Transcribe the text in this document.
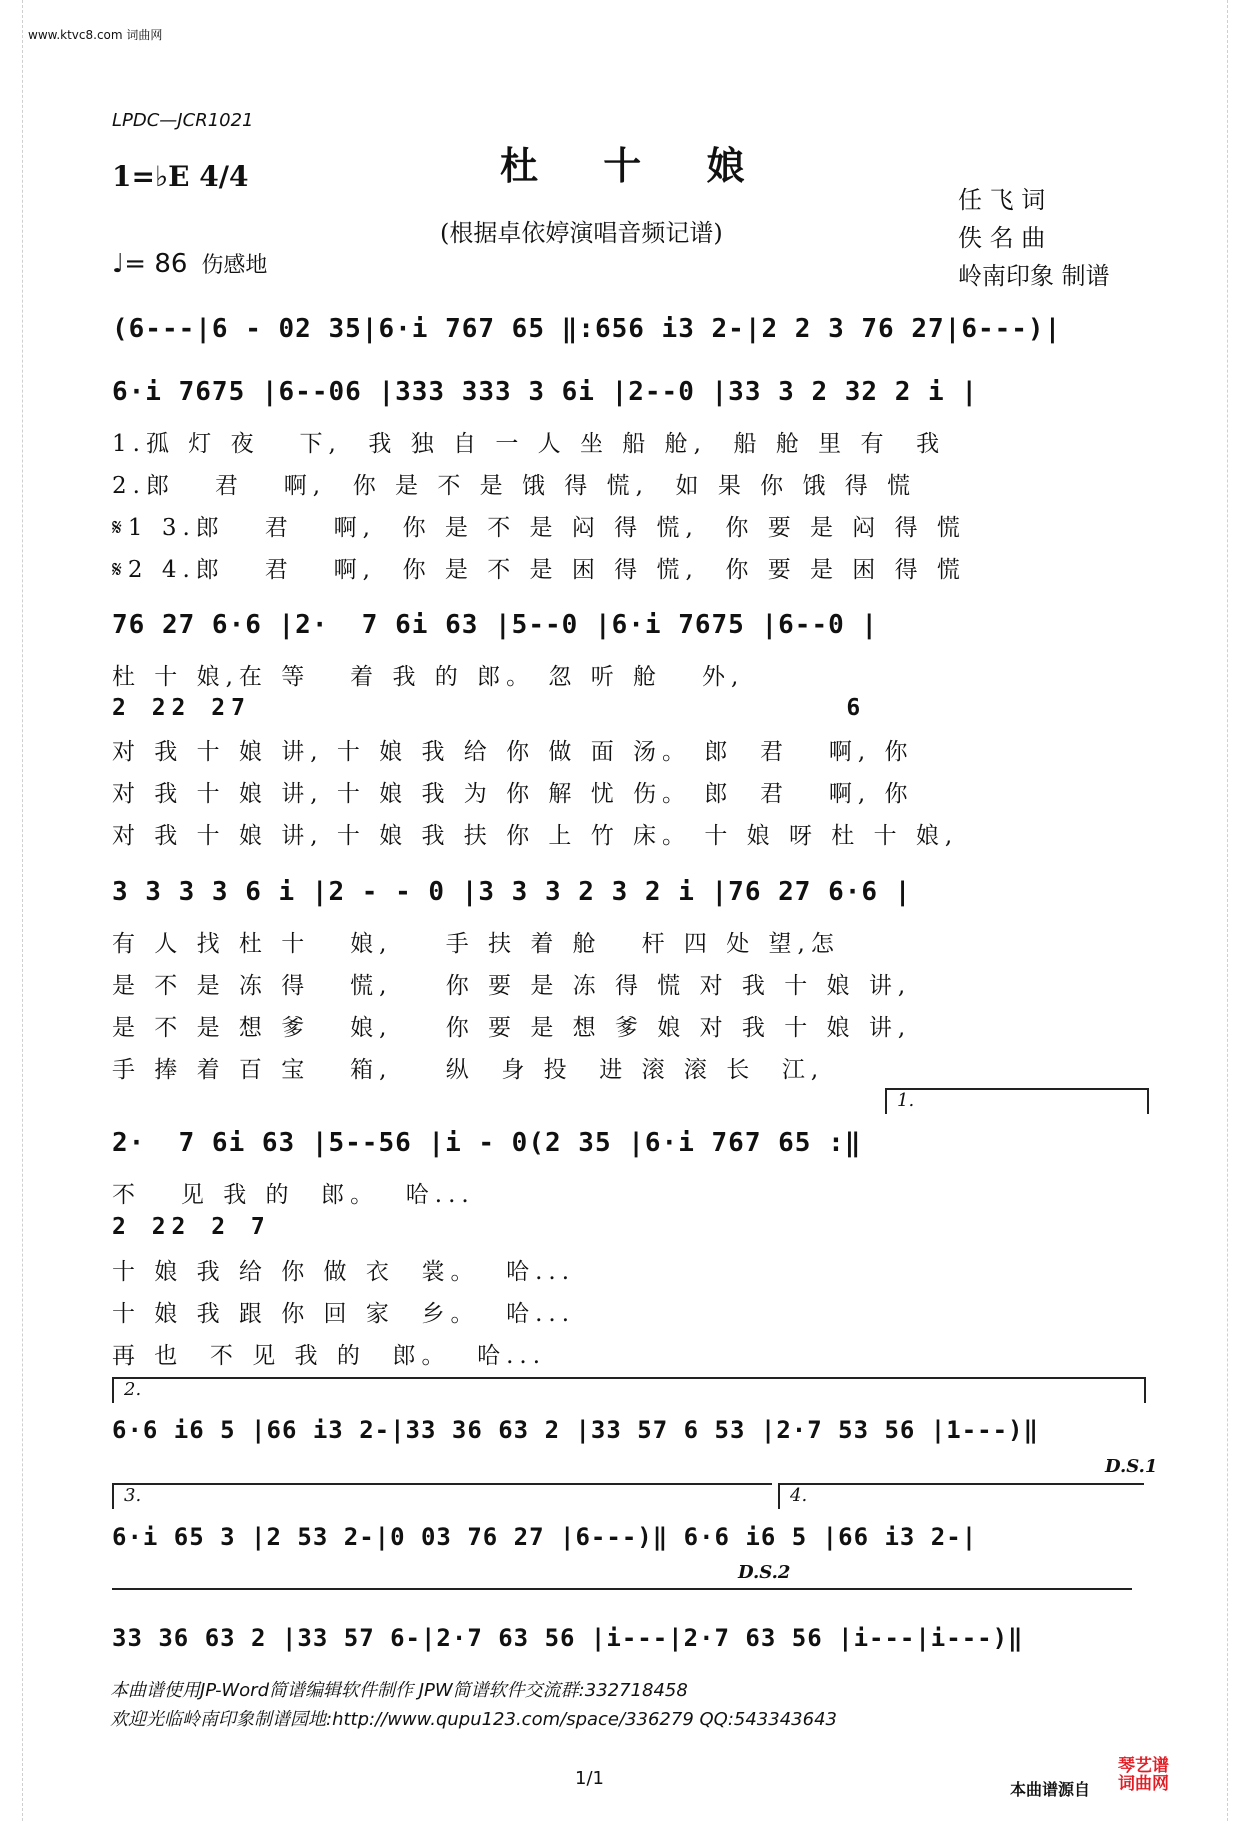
www.ktvc8.com 词曲网
LPDC—JCR1021
1=♭E 4/4	杜 十 娘
(根据卓依婷演唱音频记谱)
♩= 86 伤感地
任 飞 词
佚 名 曲
岭南印象 制谱
(6---|6 - 02 35|6·i 767 65 ‖:656 i3 2-|2 2 3 76 27|6---)|
6·i 7675 |6--06 |333 333 3 6i |2--0 |33 3 2 32 2 i |
1.孤 灯 夜   下,  我 独 自 一 人 坐 船 舱,  船 舱 里 有  我
2.郎   君   啊,  你 是 不 是 饿 得 慌,  如 果 你 饿 得 慌
𝄋1 3.郎   君   啊,  你 是 不 是 闷 得 慌,  你 要 是 闷 得 慌
𝄋2 4.郎   君   啊,  你 是 不 是 困 得 慌,  你 要 是 困 得 慌
76 27 6·6 |2·  7 6i 63 |5--0 |6·i 7675 |6--0 |
杜 十 娘,在 等   着 我 的 郎。 忽 听 舱   外,
2 22 27                              6
对 我 十 娘 讲, 十 娘 我 给 你 做 面 汤。 郎  君   啊, 你
对 我 十 娘 讲, 十 娘 我 为 你 解 忧 伤。 郎  君   啊, 你
对 我 十 娘 讲, 十 娘 我 扶 你 上 竹 床。 十 娘 呀 杜 十 娘,
3 3 3 3 6 i |2 - - 0 |3 3 3 2 3 2 i |76 27 6·6 |
有 人 找 杜 十   娘,    手 扶 着 舱   杆 四 处 望,怎
是 不 是 冻 得   慌,    你 要 是 冻 得 慌 对 我 十 娘 讲,
是 不 是 想 爹   娘,    你 要 是 想 爹 娘 对 我 十 娘 讲,
手 捧 着 百 宝   箱,    纵  身 投  进 滚 滚 长  江,
1.
2·  7 6i 63 |5--56 |i - 0(2 35 |6·i 767 65 :‖
不   见 我 的  郎。  哈...
2 22 2 7
十 娘 我 给 你 做 衣  裳。  哈...
十 娘 我 跟 你 回 家  乡。  哈...
再 也  不 见 我 的  郎。  哈...
2.
6·6 i6 5 |66 i3 2-|33 36 63 2 |33 57 6 53 |2·7 53 56 |1---)‖
D.S.1
3.	4.
6·i 65 3 |2 53 2-|0 03 76 27 |6---)‖ 6·6 i6 5 |66 i3 2-|
D.S.2
33 36 63 2 |33 57 6-|2·7 63 56 |i---|2·7 63 56 |i---|i---)‖
本曲谱使用JP-Word简谱编辑软件制作 JPW简谱软件交流群:332718458
欢迎光临岭南印象制谱园地:http://www.qupu123.com/space/336279 QQ:543343643
1/1
本曲谱源自
琴艺谱
词曲网
